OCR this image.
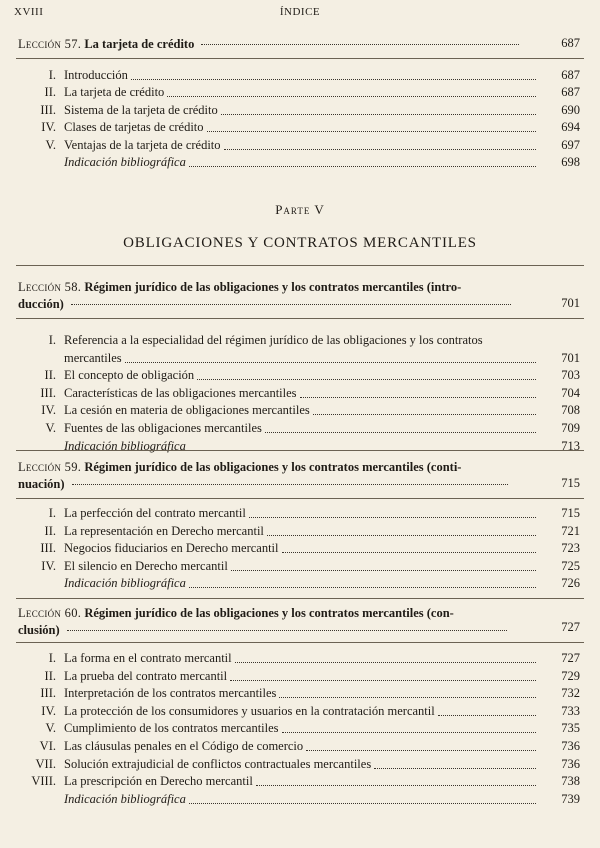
XVIII	ÍNDICE
Lección 57. La tarjeta de crédito	687
I. Introducción	687
II. La tarjeta de crédito	687
III. Sistema de la tarjeta de crédito	690
IV. Clases de tarjetas de crédito	694
V. Ventajas de la tarjeta de crédito	697
Indicación bibliográfica	698
Parte V
OBLIGACIONES Y CONTRATOS MERCANTILES
Lección 58. Régimen jurídico de las obligaciones y los contratos mercantiles (intro-
ducción)	701
I. Referencia a la especialidad del régimen jurídico de las obligaciones y los contratos
mercantiles	701
II. El concepto de obligación	703
III. Características de las obligaciones mercantiles	704
IV. La cesión en materia de obligaciones mercantiles	708
V. Fuentes de las obligaciones mercantiles	709
Indicación bibliográfica	713
Lección 59. Régimen jurídico de las obligaciones y los contratos mercantiles (conti-
nuación)	715
I. La perfección del contrato mercantil	715
II. La representación en Derecho mercantil	721
III. Negocios fiduciarios en Derecho mercantil	723
IV. El silencio en Derecho mercantil	725
Indicación bibliográfica	726
Lección 60. Régimen jurídico de las obligaciones y los contratos mercantiles (con-
clusión)	727
I. La forma en el contrato mercantil	727
II. La prueba del contrato mercantil	729
III. Interpretación de los contratos mercantiles	732
IV. La protección de los consumidores y usuarios en la contratación mercantil	733
V. Cumplimiento de los contratos mercantiles	735
VI. Las cláusulas penales en el Código de comercio	736
VII. Solución extrajudicial de conflictos contractuales mercantiles	736
VIII. La prescripción en Derecho mercantil	738
Indicación bibliográfica	739
